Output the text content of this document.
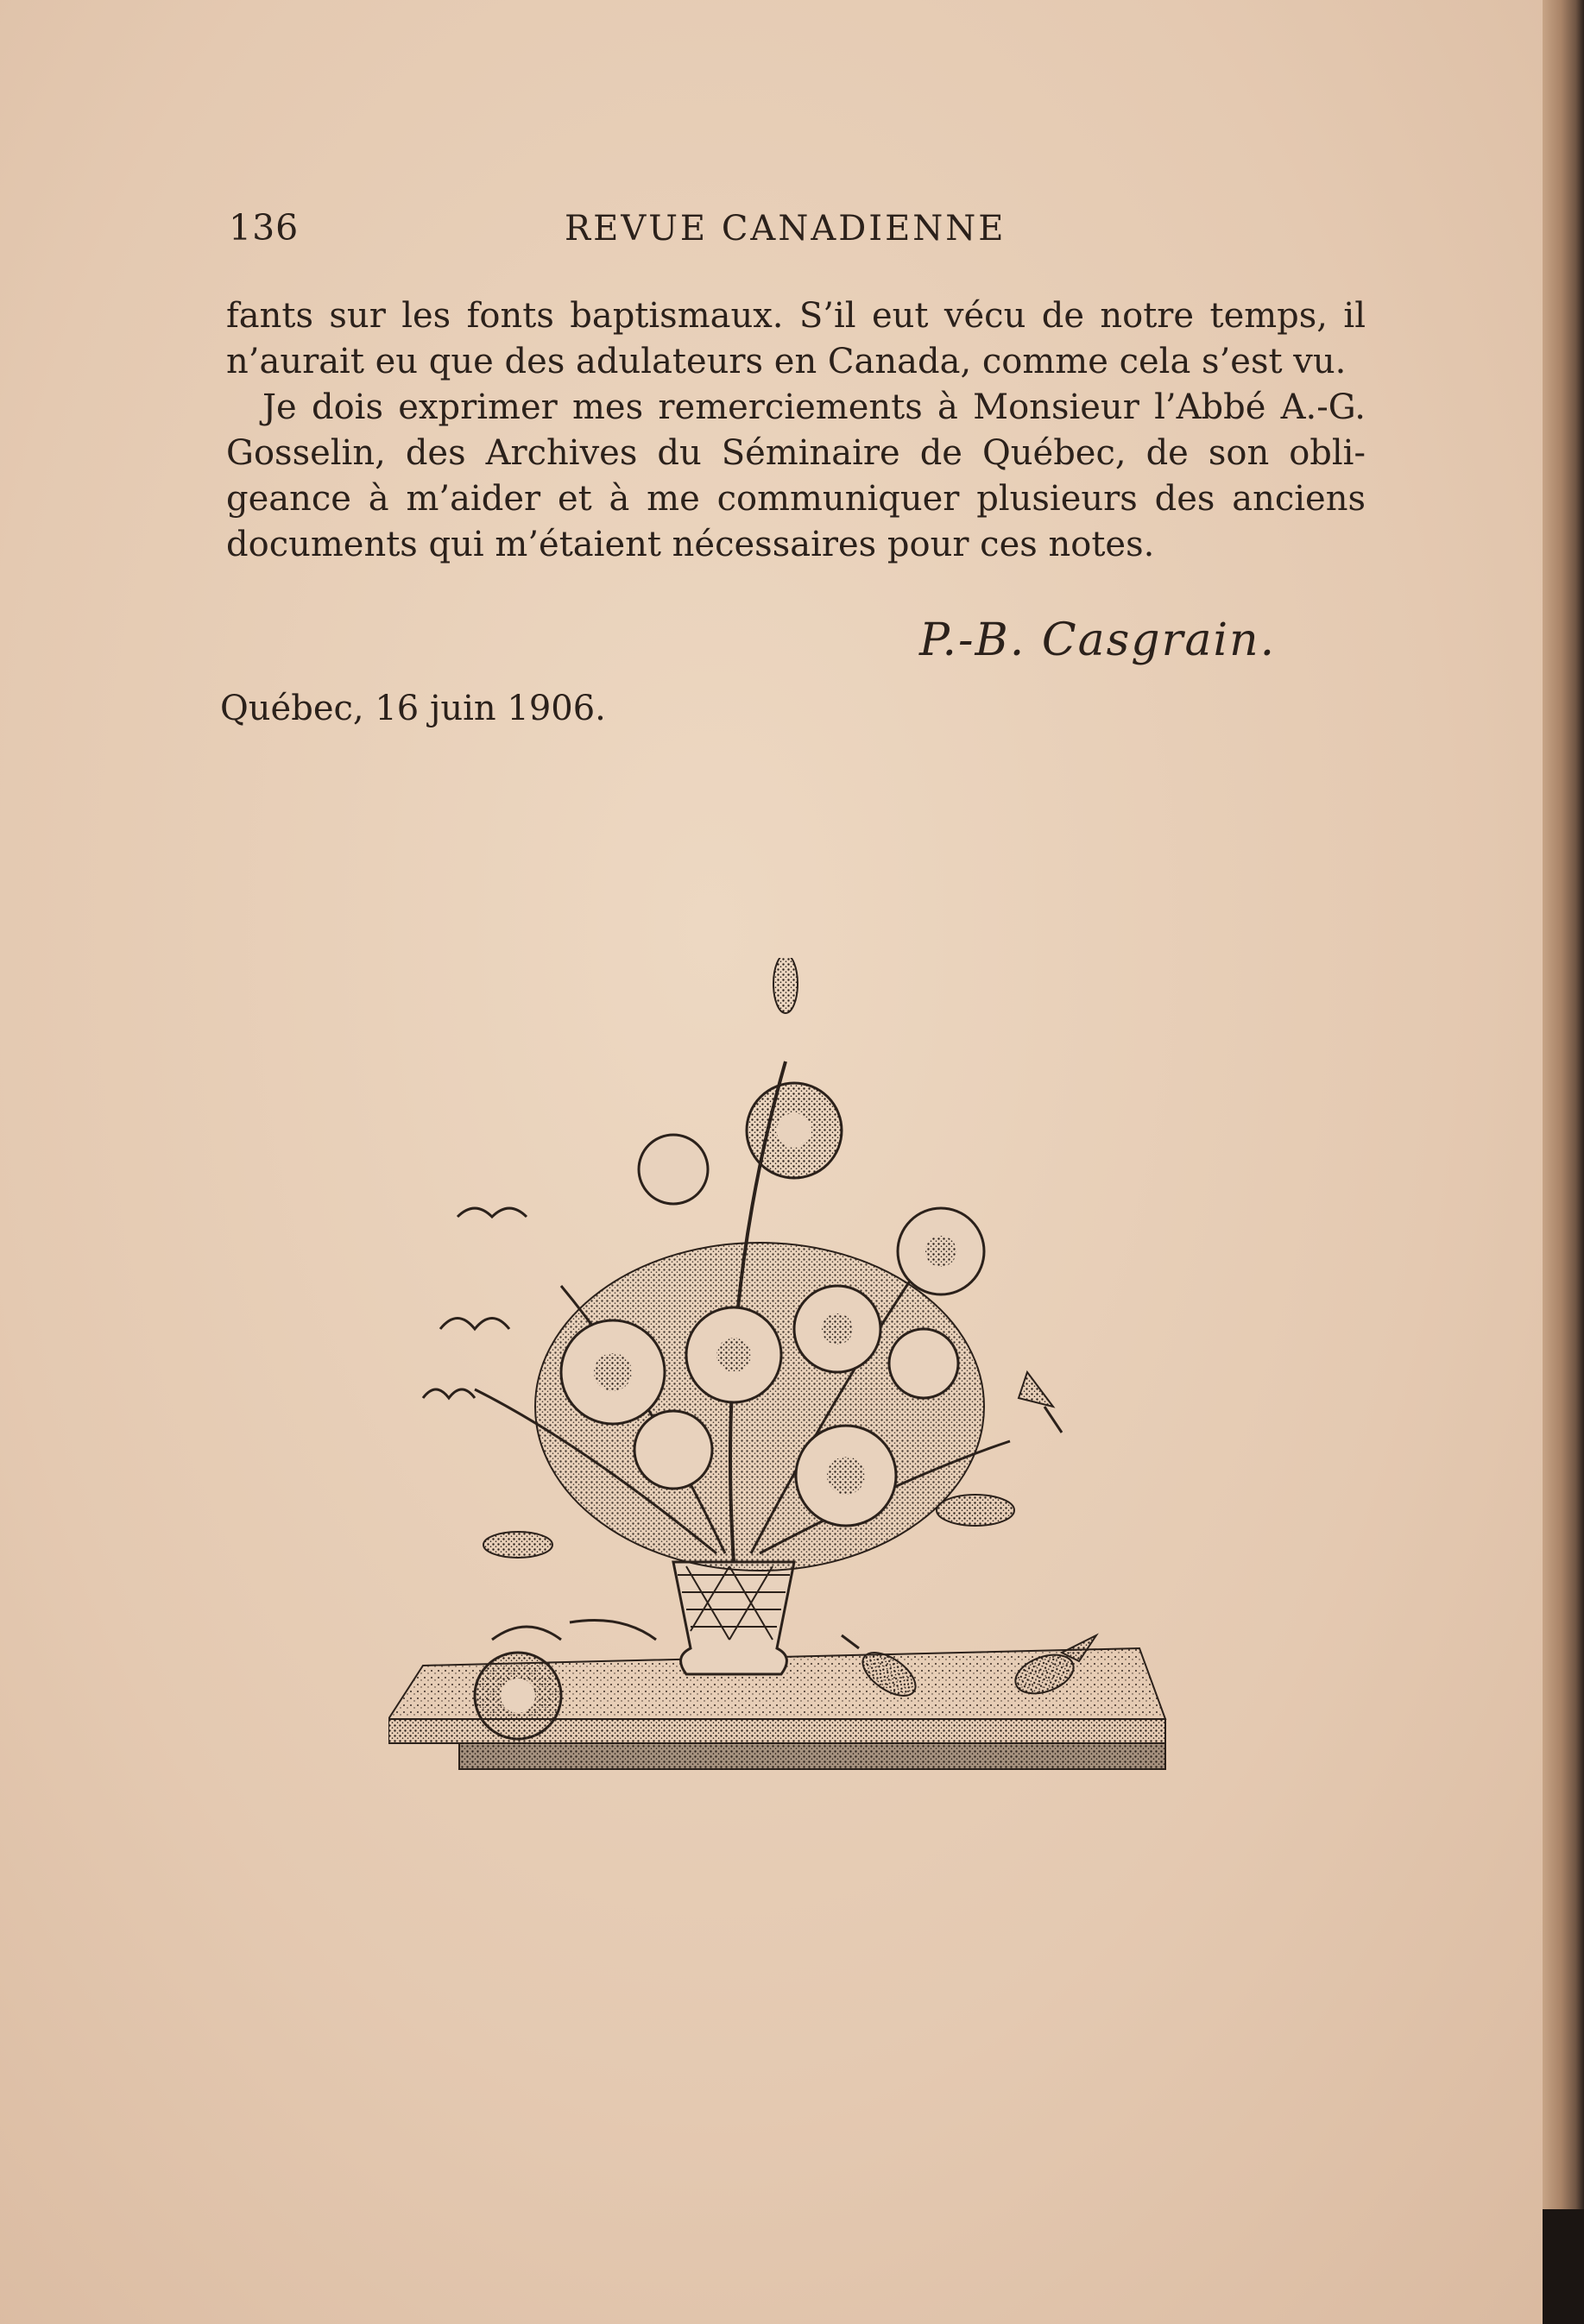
136	REVUE CANADIENNE
fants sur les fonts baptismaux. S’il eut vécu de notre temps, il
n’aurait eu que des adulateurs en Canada, comme cela s’est vu.
Je dois exprimer mes remerciements à Monsieur l’Abbé A.-G.
Gosselin, des Archives du Séminaire de Québec, de son obli-
geance à m’aider et à me communiquer plusieurs des anciens
documents qui m’étaient nécessaires pour ces notes.
P.-B. Casgrain.
Québec, 16 juin 1906.
